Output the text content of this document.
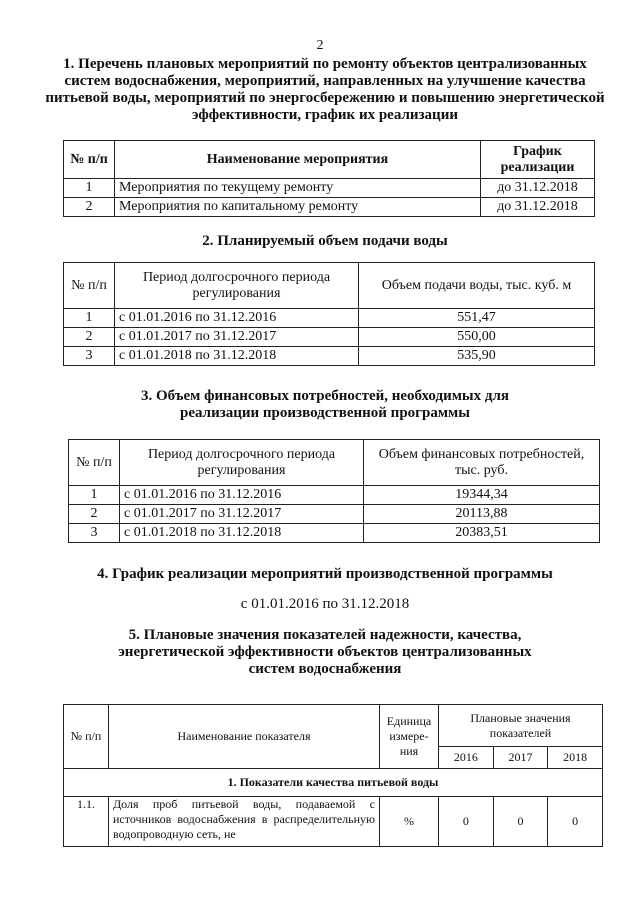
2
1. Перечень плановых мероприятий по ремонту объектов централизованных систем водоснабжения, мероприятий, направленных на улучшение качества питьевой воды, мероприятий по энергосбережению и повышению энергетической эффективности, график их реализации
№ п/п	Наименование мероприятия	График реализации
1	Мероприятия по текущему ремонту	до 31.12.2018
2	Мероприятия по капитальному ремонту	до 31.12.2018
2. Планируемый объем подачи воды
№ п/п	Период долгосрочного периода регулирования	Объем подачи воды, тыс. куб. м
1	с 01.01.2016 по 31.12.2016	551,47
2	с 01.01.2017 по 31.12.2017	550,00
3	с 01.01.2018 по 31.12.2018	535,90
3. Объем финансовых потребностей, необходимых для реализации производственной программы
№ п/п	Период долгосрочного периода регулирования	Объем финансовых потребностей, тыс. руб.
1	с 01.01.2016 по 31.12.2016	19344,34
2	с 01.01.2017 по 31.12.2017	20113,88
3	с 01.01.2018 по 31.12.2018	20383,51
4. График реализации мероприятий производственной программы
с 01.01.2016 по 31.12.2018
5. Плановые значения показателей надежности, качества, энергетической эффективности объектов централизованных систем водоснабжения
№ п/п	Наименование показателя	Единица измере-ния	Плановые значения показателей		
			2016	2017	2018
1. Показатели качества питьевой воды					
1.1.	Доля проб питьевой воды, подаваемой с источников водоснабжения в распределительную водопроводную сеть, не	%	0	0	0
